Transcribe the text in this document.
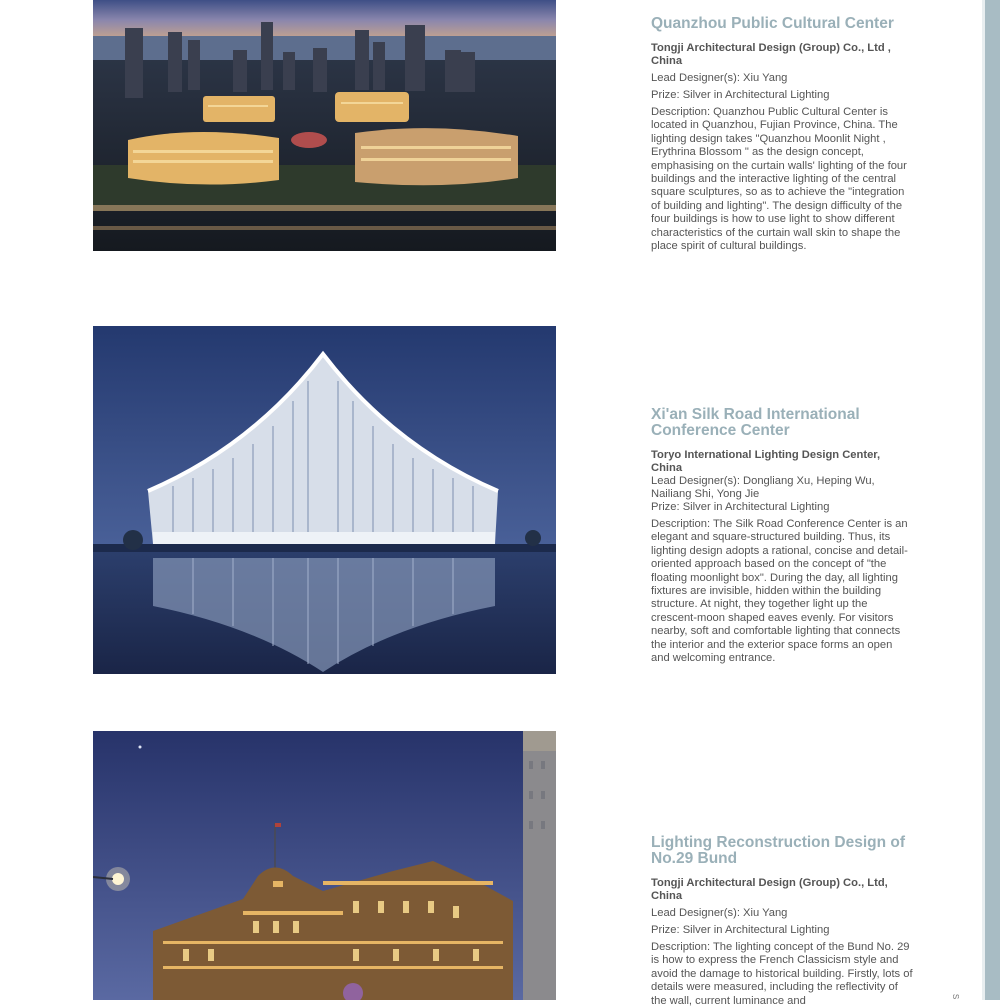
S
Quanzhou Public Cultural Center

Tongji Architectural Design (Group) Co., Ltd , China

Lead Designer(s): Xiu Yang

Prize: Silver in Architectural Lighting

Description: Quanzhou Public Cultural Center is located in Quanzhou, Fujian Province, China. The lighting design takes "Quanzhou Moonlit Night , Erythrina Blossom " as the design concept, emphasising on the curtain walls' lighting of the four buildings and the interactive lighting of the central square sculptures, so as to achieve the "integration of building and lighting". The design difficulty of the four buildings is how to use light to show different characteristics of the curtain wall skin to shape the place spirit of cultural buildings.

Xi'an Silk Road International Conference Center

Toryo International Lighting Design Center, China

Lead Designer(s): Dongliang Xu, Heping Wu, Nailiang Shi, Yong Jie

Prize: Silver in Architectural Lighting

Description: The Silk Road Conference Center is an elegant and square-structured building. Thus, its lighting design adopts a rational, concise and detail-oriented approach based on the concept of "the floating moonlight box". During the day, all lighting fixtures are invisible, hidden within the building structure. At night, they together light up the crescent-moon shaped eaves evenly. For visitors nearby, soft and comfortable lighting that connects the interior and the exterior space forms an open and welcoming entrance.

Lighting Reconstruction Design of No.29 Bund

Tongji Architectural Design (Group) Co., Ltd, China

Lead Designer(s): Xiu Yang

Prize: Silver in Architectural Lighting

Description: The lighting concept of the Bund No. 29 is how to express the French Classicism style and avoid the damage to historical building. Firstly, lots of details were measured, including the reflectivity of the wall, current luminance and
